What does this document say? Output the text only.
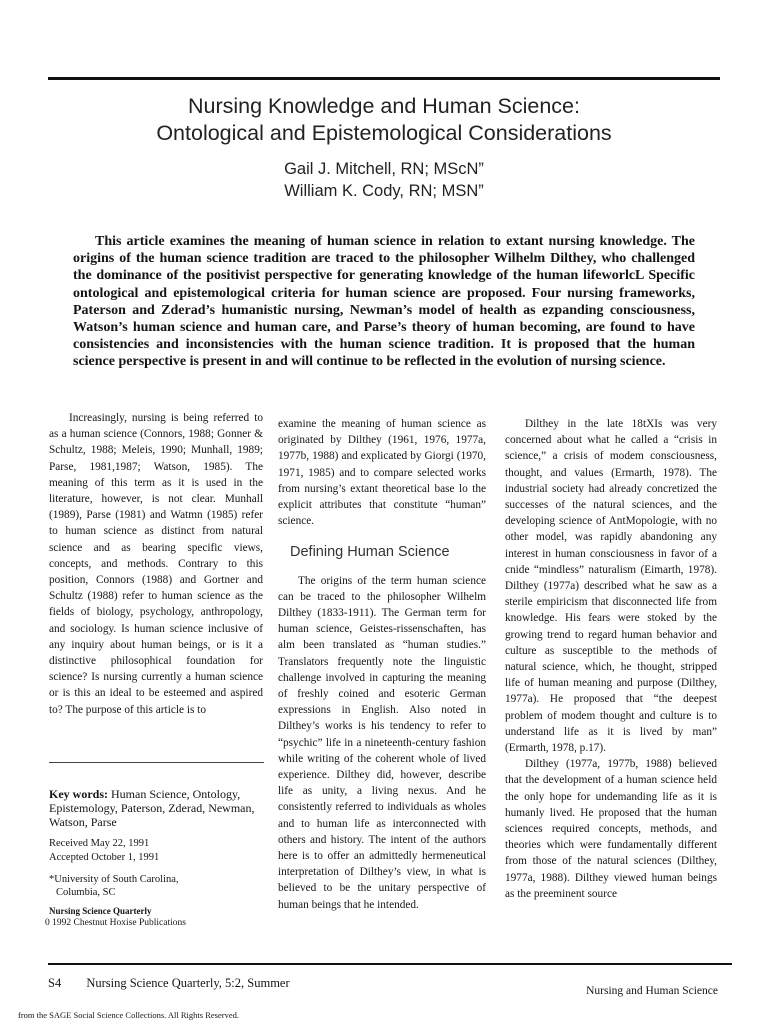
Nursing Knowledge and Human Science:
Ontological and Epistemological Considerations
Gail J. Mitchell, RN; MScN”
William K. Cody, RN; MSN”

This article examines the meaning of human science in relation to extant nursing knowledge. The origins of the human science tradition are traced to the philosopher Wilhelm Dilthey, who challenged the dominance of the positivist perspective for generating knowledge of the human lifeworlcL Specific ontological and epistemological criteria for human science are proposed. Four nursing frameworks, Paterson and Zderad’s humanistic nursing, Newman’s model of health as ezpanding consciousness, Watson’s human science and human care, and Parse’s theory of human becoming, are found to have consistencies and inconsistencies with the human science tradition. It is proposed that the human science perspective is present in and will continue to be reflected in the evolution of nursing science.

Increasingly, nursing is being referred to as a human science (Connors, 1988; Gonner & Schultz, 1988; Meleis, 1990; Munhall, 1989; Parse, 1981,1987; Watson, 1985). The meaning of this term as it is used in the literature, however, is not clear. Munhall (1989), Parse (1981) and Watmn (1985) refer to human science as distinct from natural science and as bearing specific views, concepts, and methods. Contrary to this position, Connors (1988) and Gortner and Schultz (1988) refer to human science as the fields of biology, psychology, anthropology, and sociology. Is human science inclusive of any inquiry about human beings, or is it a distinctive philosophical foundation for science? Is nursing currently a human science or is this an ideal to be esteemed and aspired to? The purpose of this article is to

Key words: Human Science, Ontology, Epistemology, Paterson, Zderad, Newman, Watson, Parse
Received May 22, 1991
Accepted October 1, 1991
*University of South Carolina,
Columbia, SC
Nursing Science Quarterly
0 1992 Chestnut Hoxise Publications

examine the meaning of human science as originated by Dilthey (1961, 1976, 1977a, 1977b, 1988) and explicated by Giorgi (1970, 1971, 1985) and to compare selected works from nursing’s extant theoretical base lo the explicit attributes that constitute “human” science.

Defining Human Science

The origins of the term human science can be traced to the philosopher Wilhelm Dilthey (1833-1911). The German term for human science, Geistes-rissenschaften, has alm been translated as “human studies.” Translators frequently note the linguistic challenge involved in capturing the meaning of freshly coined and esoteric German expressions in English. Also noted in Dilthey’s works is his tendency to refer to “psychic” life in a nineteenth-century fashion while writing of the coherent whole of lived experience. Dilthey did, however, describe life as unity, a living nexus. And he consistently referred to individuals as wholes and to human life as interconnected with others and history. The intent of the authors here is to offer an admittedly hermeneutical interpretation of Dilthey’s view, in what is believed to be the unitary perspective of human beings that he intended.

Dilthey in the late 18tXIs was very concerned about what he called a “crisis in science,” a crisis of modem consciousness, thought, and values (Ermarth, 1978). The industrial society had already concretized the successes of the natural sciences, and the developing science of AntMopologie, with no other model, was rapidly abandoning any interest in human consciousness in favor of a cnide “mindless” naturalism (Eimarth, 1978). Dilthey (1977a) described what he saw as a sterile empiricism that disconnected life from knowledge. His fears were stoked by the growing trend to regard human behavior and culture as susceptible to the methods of natural science, which, he thought, stripped life of human meaning and purpose (Dilthey, 1977a). He proposed that “the deepest problem of modem thought and culture is to understand life as it is lived by man” (Ermarth, 1978, p.17).

Dilthey (1977a, 1977b, 1988) believed that the development of a human science held the only hope for undemanding life as it is humanly lived. He proposed that the human sciences required concepts, methods, and theories which were fundamentally different from those of the natural sciences (Dilthey, 1977a, 1988). Dilthey viewed human beings as the preeminent source

S4 Nursing Science Quarterly, 5:2, Summer
Nursing and Human Science
from the SAGE Social Science Collections. All Rights Reserved.
